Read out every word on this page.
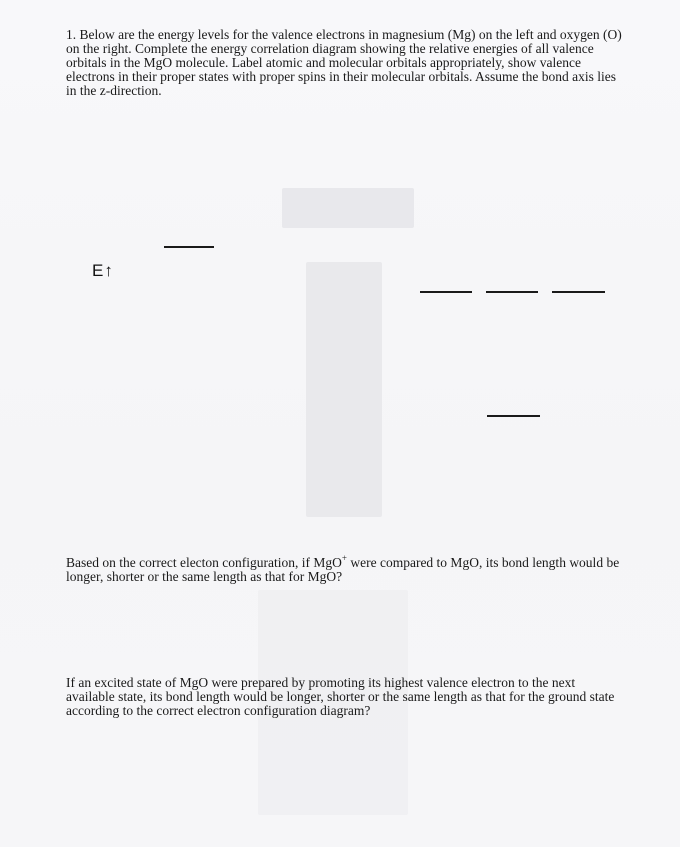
1. Below are the energy levels for the valence electrons in magnesium (Mg) on the left and oxygen (O) on the right. Complete the energy correlation diagram showing the relative energies of all valence orbitals in the MgO molecule. Label atomic and molecular orbitals appropriately, show valence electrons in their proper states with proper spins in their molecular orbitals. Assume the bond axis lies in the z-direction.

E↑

Based on the correct electon configuration, if MgO+ were compared to MgO, its bond length would be longer, shorter or the same length as that for MgO?

If an excited state of MgO were prepared by promoting its highest valence electron to the next available state, its bond length would be longer, shorter or the same length as that for the ground state according to the correct electron configuration diagram?
